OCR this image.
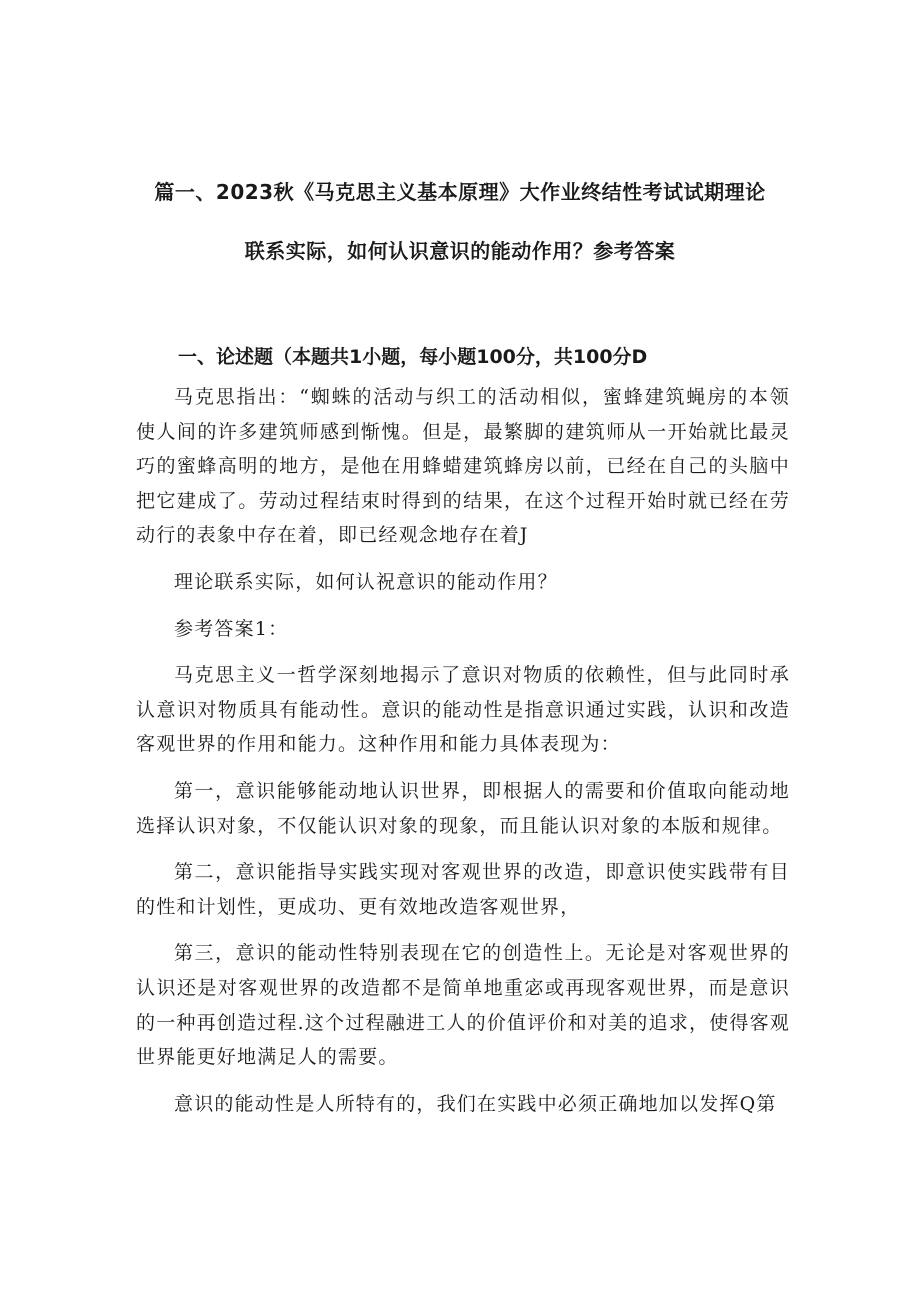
篇一、2023秋《马克思主义基本原理》大作业终结性考试试期理论
联系实际，如何认识意识的能动作用？参考答案
一、论述题（本题共1小题，每小题100分，共100分D

马克思指出：“蜘蛛的活动与织工的活动相似，蜜蜂建筑蝇房的本领使人间的许多建筑师感到惭愧。但是，最繁脚的建筑师从一开始就比最灵巧的蜜蜂高明的地方，是他在用蜂蜡建筑蜂房以前，已经在自己的头脑中把它建成了。劳动过程结束时得到的结果，在这个过程开始时就已经在劳动行的表象中存在着，即已经观念地存在着J

理论联系实际，如何认祝意识的能动作用？

参考答案1：

马克思主义一哲学深刻地揭示了意识对物质的依赖性，但与此同时承认意识对物质具有能动性。意识的能动性是指意识通过实践，认识和改造客观世界的作用和能力。这种作用和能力具体表现为：

第一，意识能够能动地认识世界，即根据人的需要和价值取向能动地选择认识对象，不仅能认识对象的现象，而且能认识对象的本版和规律。

第二，意识能指导实践实现对客观世界的改造，即意识使实践带有目的性和计划性，更成功、更有效地改造客观世界，

第三，意识的能动性特别表现在它的创造性上。无论是对客观世界的认识还是对客观世界的改造都不是简单地重宓或再现客观世界，而是意识的一种再创造过程.这个过程融进工人的价值评价和对美的追求，使得客观世界能更好地满足人的需要。

意识的能动性是人所特有的，我们在实践中必须正确地加以发挥Q第
